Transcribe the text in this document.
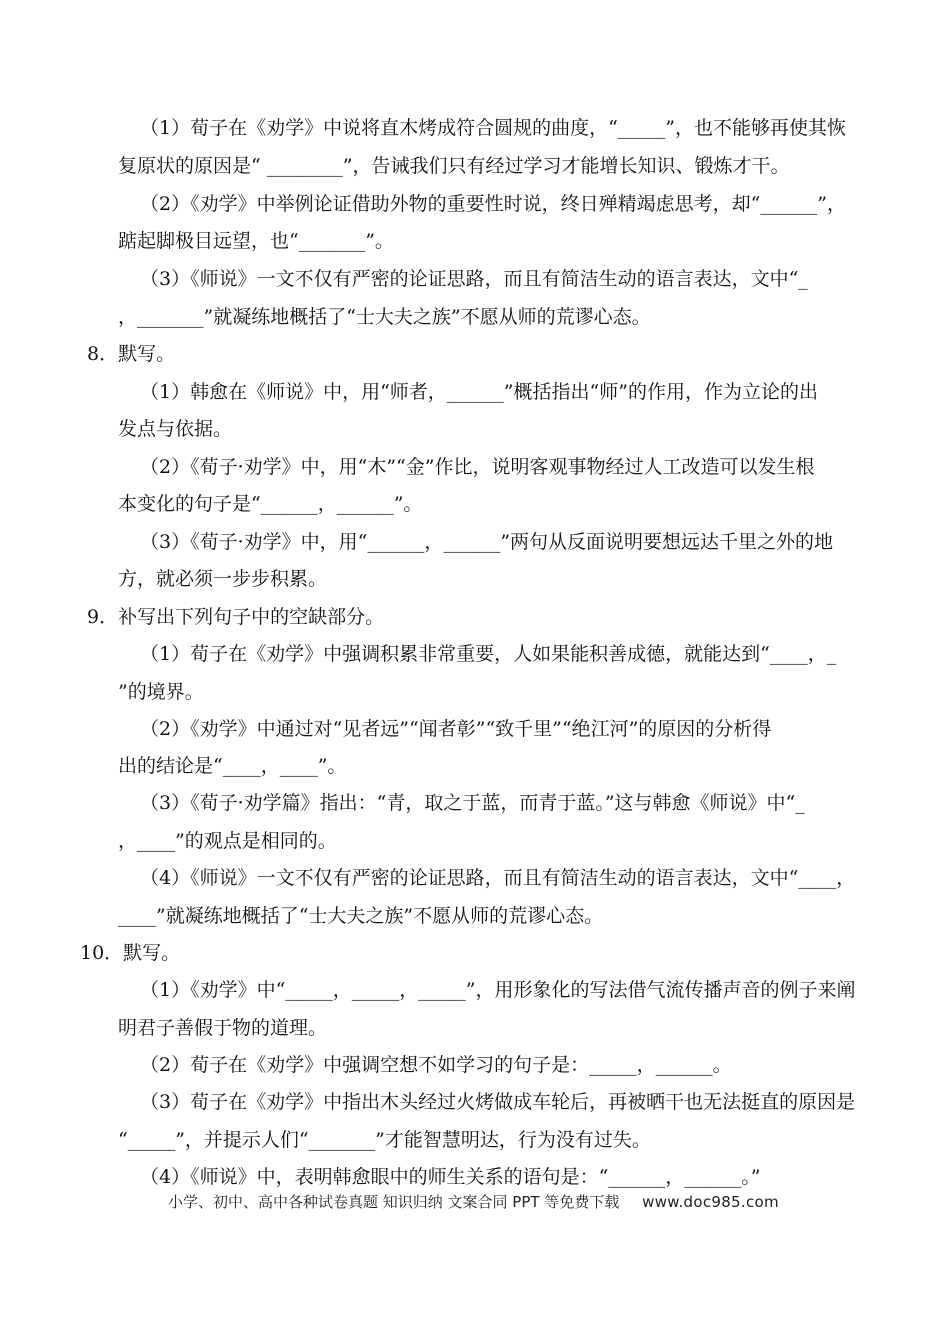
（1）荀子在《劝学》中说将直木烤成符合圆规的曲度，“_____”，也不能够再使其恢
复原状的原因是“ ________”，告诫我们只有经过学习才能增长知识、锻炼才干。
（2）《劝学》中举例论证借助外物的重要性时说，终日殚精竭虑思考，却“______”，
踮起脚极目远望，也“_______”。
（3）《师说》一文不仅有严密的论证思路，而且有简洁生动的语言表达，文中“_
，_______”就凝练地概括了“士大夫之族”不愿从师的荒谬心态。
8．默写。
（1）韩愈在《师说》中，用“师者，______”概括指出“师”的作用，作为立论的出
发点与依据。
（2）《荀子·劝学》中，用“木”“金”作比，说明客观事物经过人工改造可以发生根
本变化的句子是“______，______”。
（3）《荀子·劝学》中，用“______，______”两句从反面说明要想远达千里之外的地
方，就必须一步步积累。
9．补写出下列句子中的空缺部分。
（1）荀子在《劝学》中强调积累非常重要，人如果能积善成德，就能达到“____，_
”的境界。
（2）《劝学》中通过对“见者远”“闻者彰”“致千里”“绝江河”的原因的分析得
出的结论是“____，____”。
（3）《荀子·劝学篇》指出：“青，取之于蓝，而青于蓝。”这与韩愈《师说》中“_
，____”的观点是相同的。
（4）《师说》一文不仅有严密的论证思路，而且有简洁生动的语言表达，文中“____，
____”就凝练地概括了“士大夫之族”不愿从师的荒谬心态。
10．默写。
（1）《劝学》中“_____，_____，_____”，用形象化的写法借气流传播声音的例子来阐
明君子善假于物的道理。
（2）荀子在《劝学》中强调空想不如学习的句子是：_____，______。
（3）荀子在《劝学》中指出木头经过火烤做成车轮后，再被晒干也无法挺直的原因是
“_____”，并提示人们“_______”才能智慧明达，行为没有过失。
（4）《师说》中，表明韩愈眼中的师生关系的语句是：“______，______。”
小学、初中、高中各种试卷真题 知识归纳 文案合同 PPT 等免费下载 www.doc985.com
